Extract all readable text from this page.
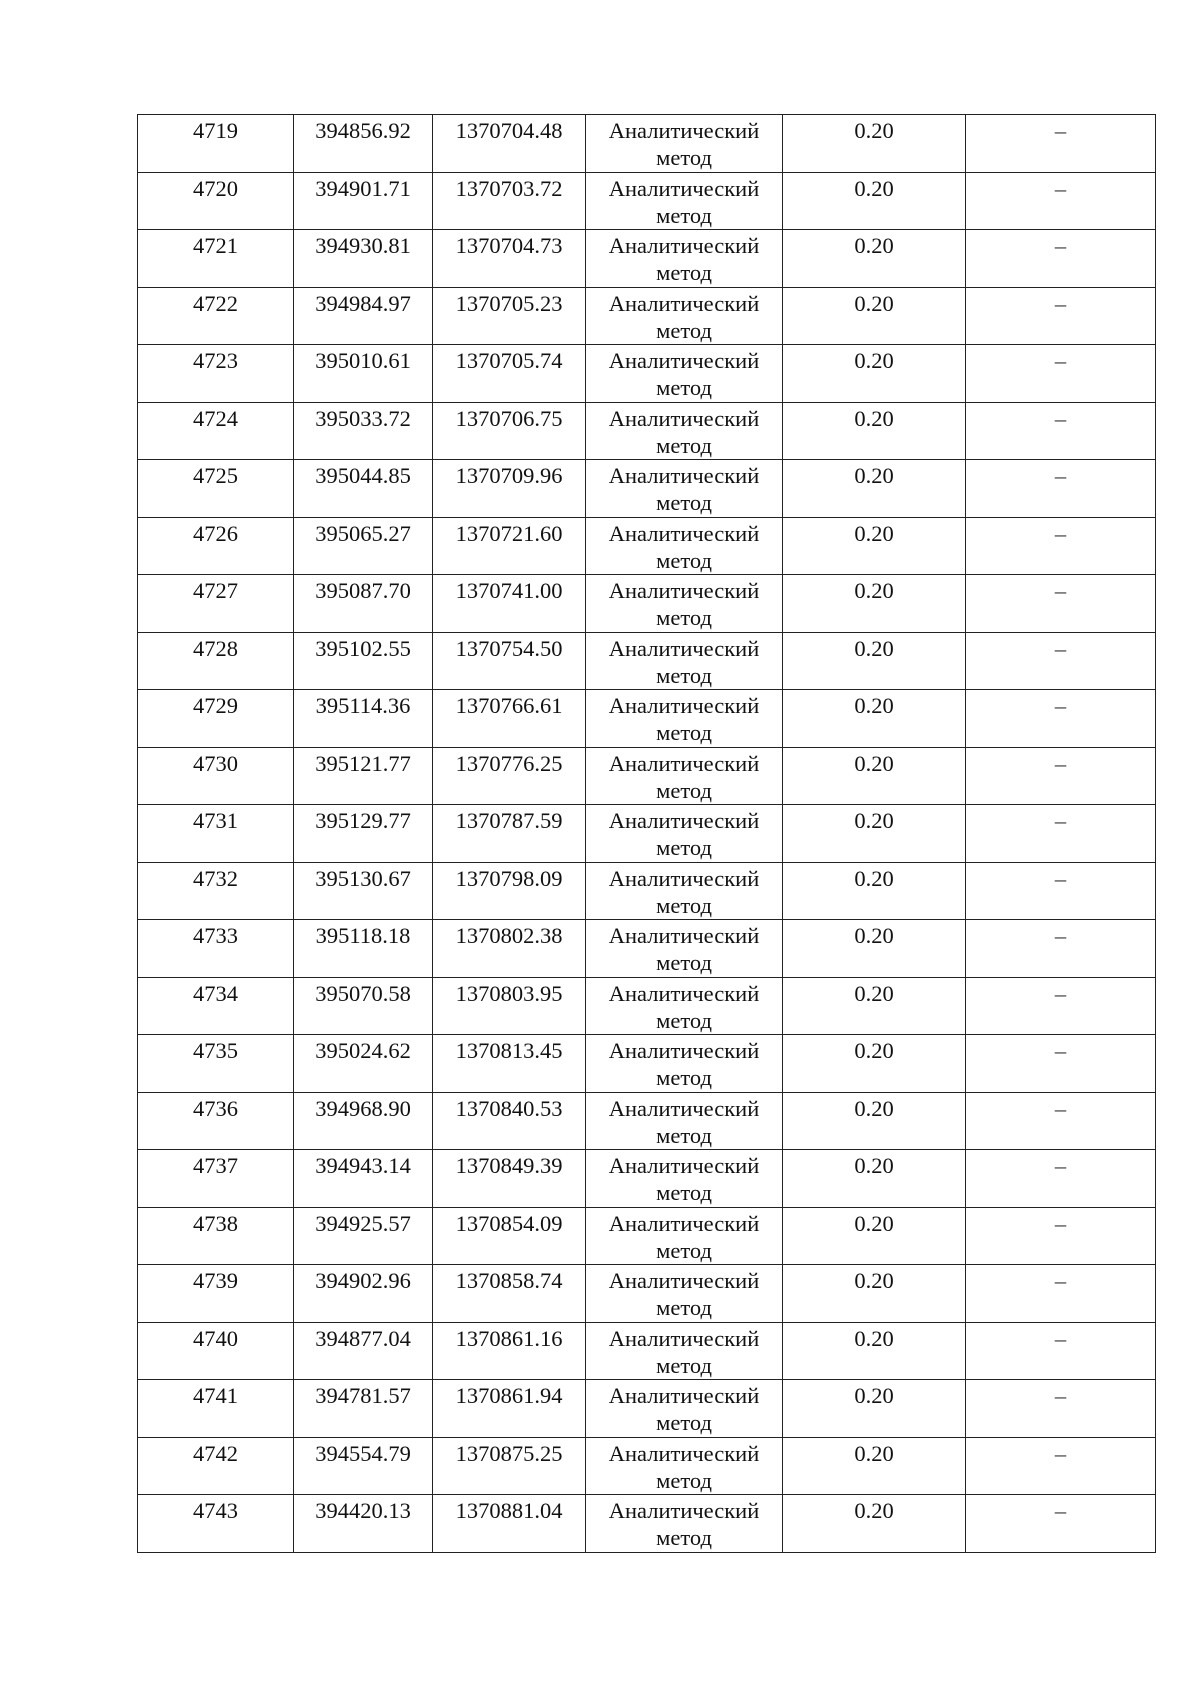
4719	394856.92	1370704.48	Аналитический метод	0.20	–
4720	394901.71	1370703.72	Аналитический метод	0.20	–
4721	394930.81	1370704.73	Аналитический метод	0.20	–
4722	394984.97	1370705.23	Аналитический метод	0.20	–
4723	395010.61	1370705.74	Аналитический метод	0.20	–
4724	395033.72	1370706.75	Аналитический метод	0.20	–
4725	395044.85	1370709.96	Аналитический метод	0.20	–
4726	395065.27	1370721.60	Аналитический метод	0.20	–
4727	395087.70	1370741.00	Аналитический метод	0.20	–
4728	395102.55	1370754.50	Аналитический метод	0.20	–
4729	395114.36	1370766.61	Аналитический метод	0.20	–
4730	395121.77	1370776.25	Аналитический метод	0.20	–
4731	395129.77	1370787.59	Аналитический метод	0.20	–
4732	395130.67	1370798.09	Аналитический метод	0.20	–
4733	395118.18	1370802.38	Аналитический метод	0.20	–
4734	395070.58	1370803.95	Аналитический метод	0.20	–
4735	395024.62	1370813.45	Аналитический метод	0.20	–
4736	394968.90	1370840.53	Аналитический метод	0.20	–
4737	394943.14	1370849.39	Аналитический метод	0.20	–
4738	394925.57	1370854.09	Аналитический метод	0.20	–
4739	394902.96	1370858.74	Аналитический метод	0.20	–
4740	394877.04	1370861.16	Аналитический метод	0.20	–
4741	394781.57	1370861.94	Аналитический метод	0.20	–
4742	394554.79	1370875.25	Аналитический метод	0.20	–
4743	394420.13	1370881.04	Аналитический метод	0.20	–
